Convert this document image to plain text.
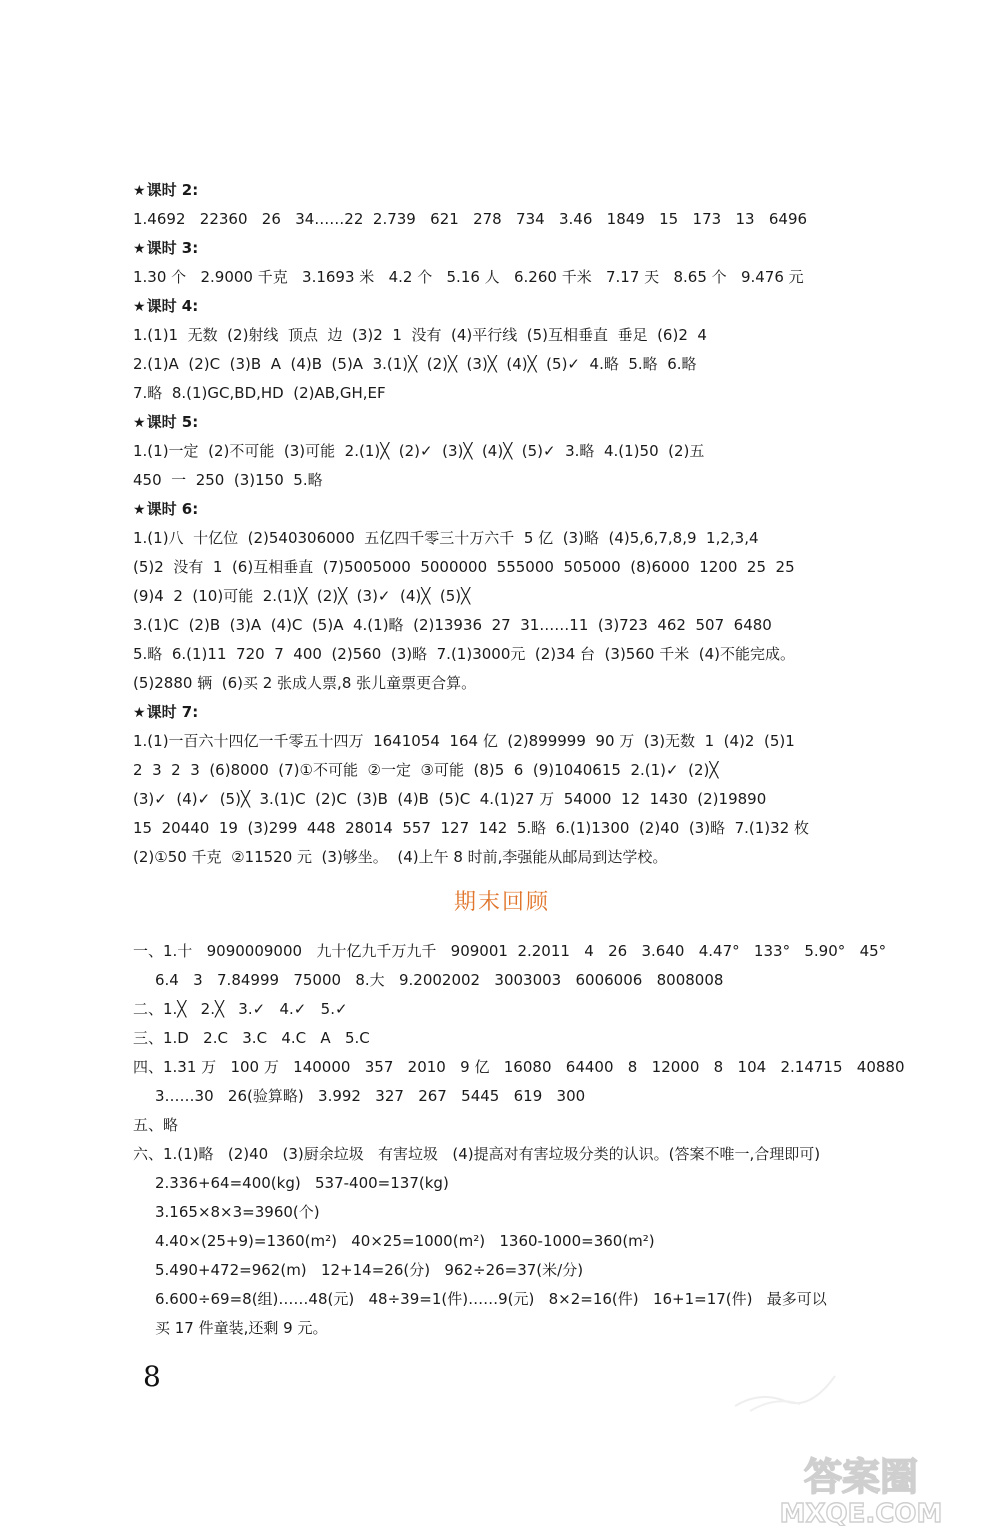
★课时 2:
1.4692   22360   26   34……22  2.739   621   278   734   3.46   1849   15   173   13   6496
★课时 3:
1.30 个   2.9000 千克   3.1693 米   4.2 个   5.16 人   6.260 千米   7.17 天   8.65 个   9.476 元
★课时 4:
1.(1)1  无数  (2)射线  顶点  边  (3)2  1  没有  (4)平行线  (5)互相垂直  垂足  (6)2  4
2.(1)A  (2)C  (3)B  A  (4)B  (5)A  3.(1)╳  (2)╳  (3)╳  (4)╳  (5)✓  4.略  5.略  6.略
7.略  8.(1)GC,BD,HD  (2)AB,GH,EF
★课时 5:
1.(1)一定  (2)不可能  (3)可能  2.(1)╳  (2)✓  (3)╳  (4)╳  (5)✓  3.略  4.(1)50  (2)五
450  一  250  (3)150  5.略
★课时 6:
1.(1)八  十亿位  (2)540306000  五亿四千零三十万六千  5 亿  (3)略  (4)5,6,7,8,9  1,2,3,4
(5)2  没有  1  (6)互相垂直  (7)5005000  5000000  555000  505000  (8)6000  1200  25  25
(9)4  2  (10)可能  2.(1)╳  (2)╳  (3)✓  (4)╳  (5)╳
3.(1)C  (2)B  (3)A  (4)C  (5)A  4.(1)略  (2)13936  27  31……11  (3)723  462  507  6480
5.略  6.(1)11  720  7  400  (2)560  (3)略  7.(1)3000元  (2)34 台  (3)560 千米  (4)不能完成。
(5)2880 辆  (6)买 2 张成人票,8 张儿童票更合算。
★课时 7:
1.(1)一百六十四亿一千零五十四万  1641054  164 亿  (2)899999  90 万  (3)无数  1  (4)2  (5)1
2  3  2  3  (6)8000  (7)①不可能  ②一定  ③可能  (8)5  6  (9)1040615  2.(1)✓  (2)╳
(3)✓  (4)✓  (5)╳  3.(1)C  (2)C  (3)B  (4)B  (5)C  4.(1)27 万  54000  12  1430  (2)19890
15  20440  19  (3)299  448  28014  557  127  142  5.略  6.(1)1300  (2)40  (3)略  7.(1)32 枚
(2)①50 千克  ②11520 元  (3)够坐。  (4)上午 8 时前,李强能从邮局到达学校。
期末回顾
一、1.十   9090009000   九十亿九千万九千   909001  2.2011   4   26   3.640   4.47°   133°   5.90°   45°
6.4   3   7.84999   75000   8.大   9.2002002   3003003   6006006   8008008
二、1.╳   2.╳   3.✓   4.✓   5.✓
三、1.D   2.C   3.C   4.C   A   5.C
四、1.31 万   100 万   140000   357   2010   9 亿   16080   64400   8   12000   8   104   2.14715   40880
3……30   26(验算略)   3.992   327   267   5445   619   300
五、略
六、1.(1)略   (2)40   (3)厨余垃圾   有害垃圾   (4)提高对有害垃圾分类的认识。(答案不唯一,合理即可)
2.336+64=400(kg)   537-400=137(kg)
3.165×8×3=3960(个)
4.40×(25+9)=1360(m²)   40×25=1000(m²)   1360-1000=360(m²)
5.490+472=962(m)   12+14=26(分)   962÷26=37(米/分)
6.600÷69=8(组)……48(元)   48÷39=1(件)……9(元)   8×2=16(件)   16+1=17(件)   最多可以
买 17 件童装,还剩 9 元。
8
答案圈
MXQE.COM
